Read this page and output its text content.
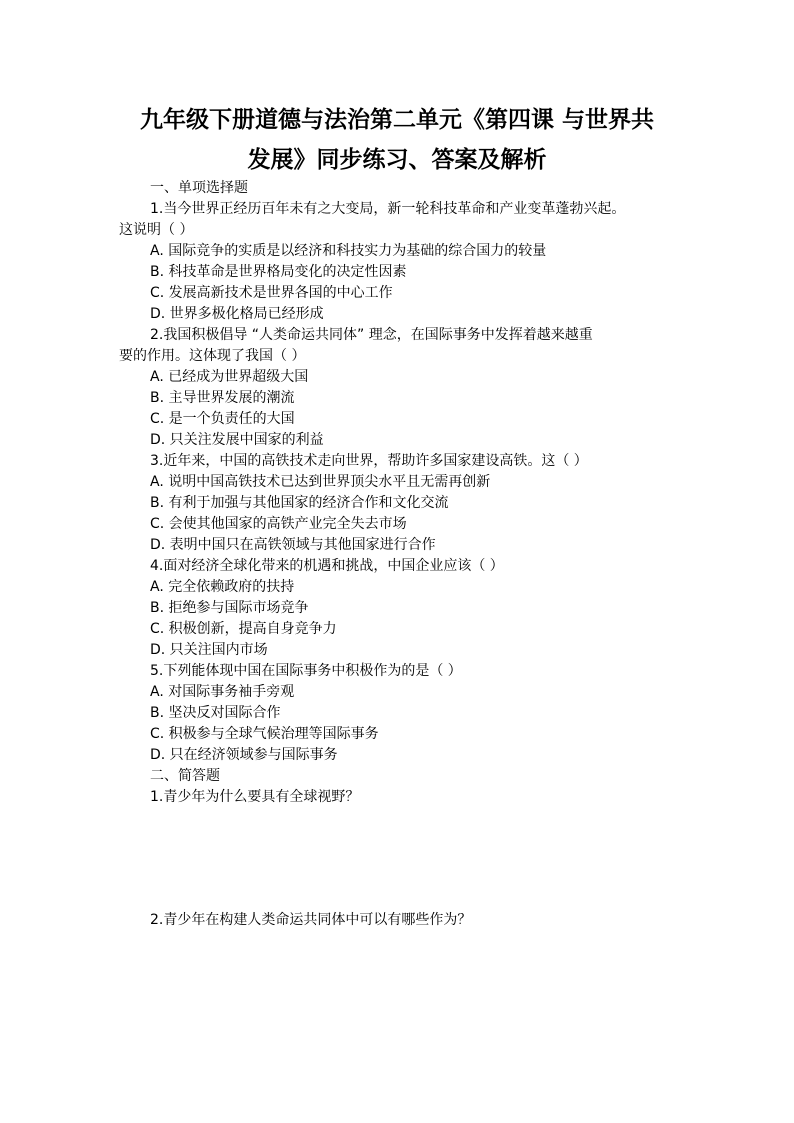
九年级下册道德与法治第二单元《第四课 与世界共
发展》同步练习、答案及解析

一、单项选择题

1.当今世界正经历百年未有之大变局，新一轮科技革命和产业变革蓬勃兴起。

这说明（ ）

A. 国际竞争的实质是以经济和科技实力为基础的综合国力的较量

B. 科技革命是世界格局变化的决定性因素

C. 发展高新技术是世界各国的中心工作

D. 世界多极化格局已经形成

2.我国积极倡导 “人类命运共同体” 理念，在国际事务中发挥着越来越重

要的作用。这体现了我国（ ）

A. 已经成为世界超级大国

B. 主导世界发展的潮流

C. 是一个负责任的大国

D. 只关注发展中国家的利益

3.近年来，中国的高铁技术走向世界，帮助许多国家建设高铁。这（ ）

A. 说明中国高铁技术已达到世界顶尖水平且无需再创新

B. 有利于加强与其他国家的经济合作和文化交流

C. 会使其他国家的高铁产业完全失去市场

D. 表明中国只在高铁领域与其他国家进行合作

4.面对经济全球化带来的机遇和挑战，中国企业应该（ ）

A. 完全依赖政府的扶持

B. 拒绝参与国际市场竞争

C. 积极创新，提高自身竞争力

D. 只关注国内市场

5.下列能体现中国在国际事务中积极作为的是（ ）

A. 对国际事务袖手旁观

B. 坚决反对国际合作

C. 积极参与全球气候治理等国际事务

D. 只在经济领域参与国际事务

二、简答题

1.青少年为什么要具有全球视野？

2.青少年在构建人类命运共同体中可以有哪些作为？
